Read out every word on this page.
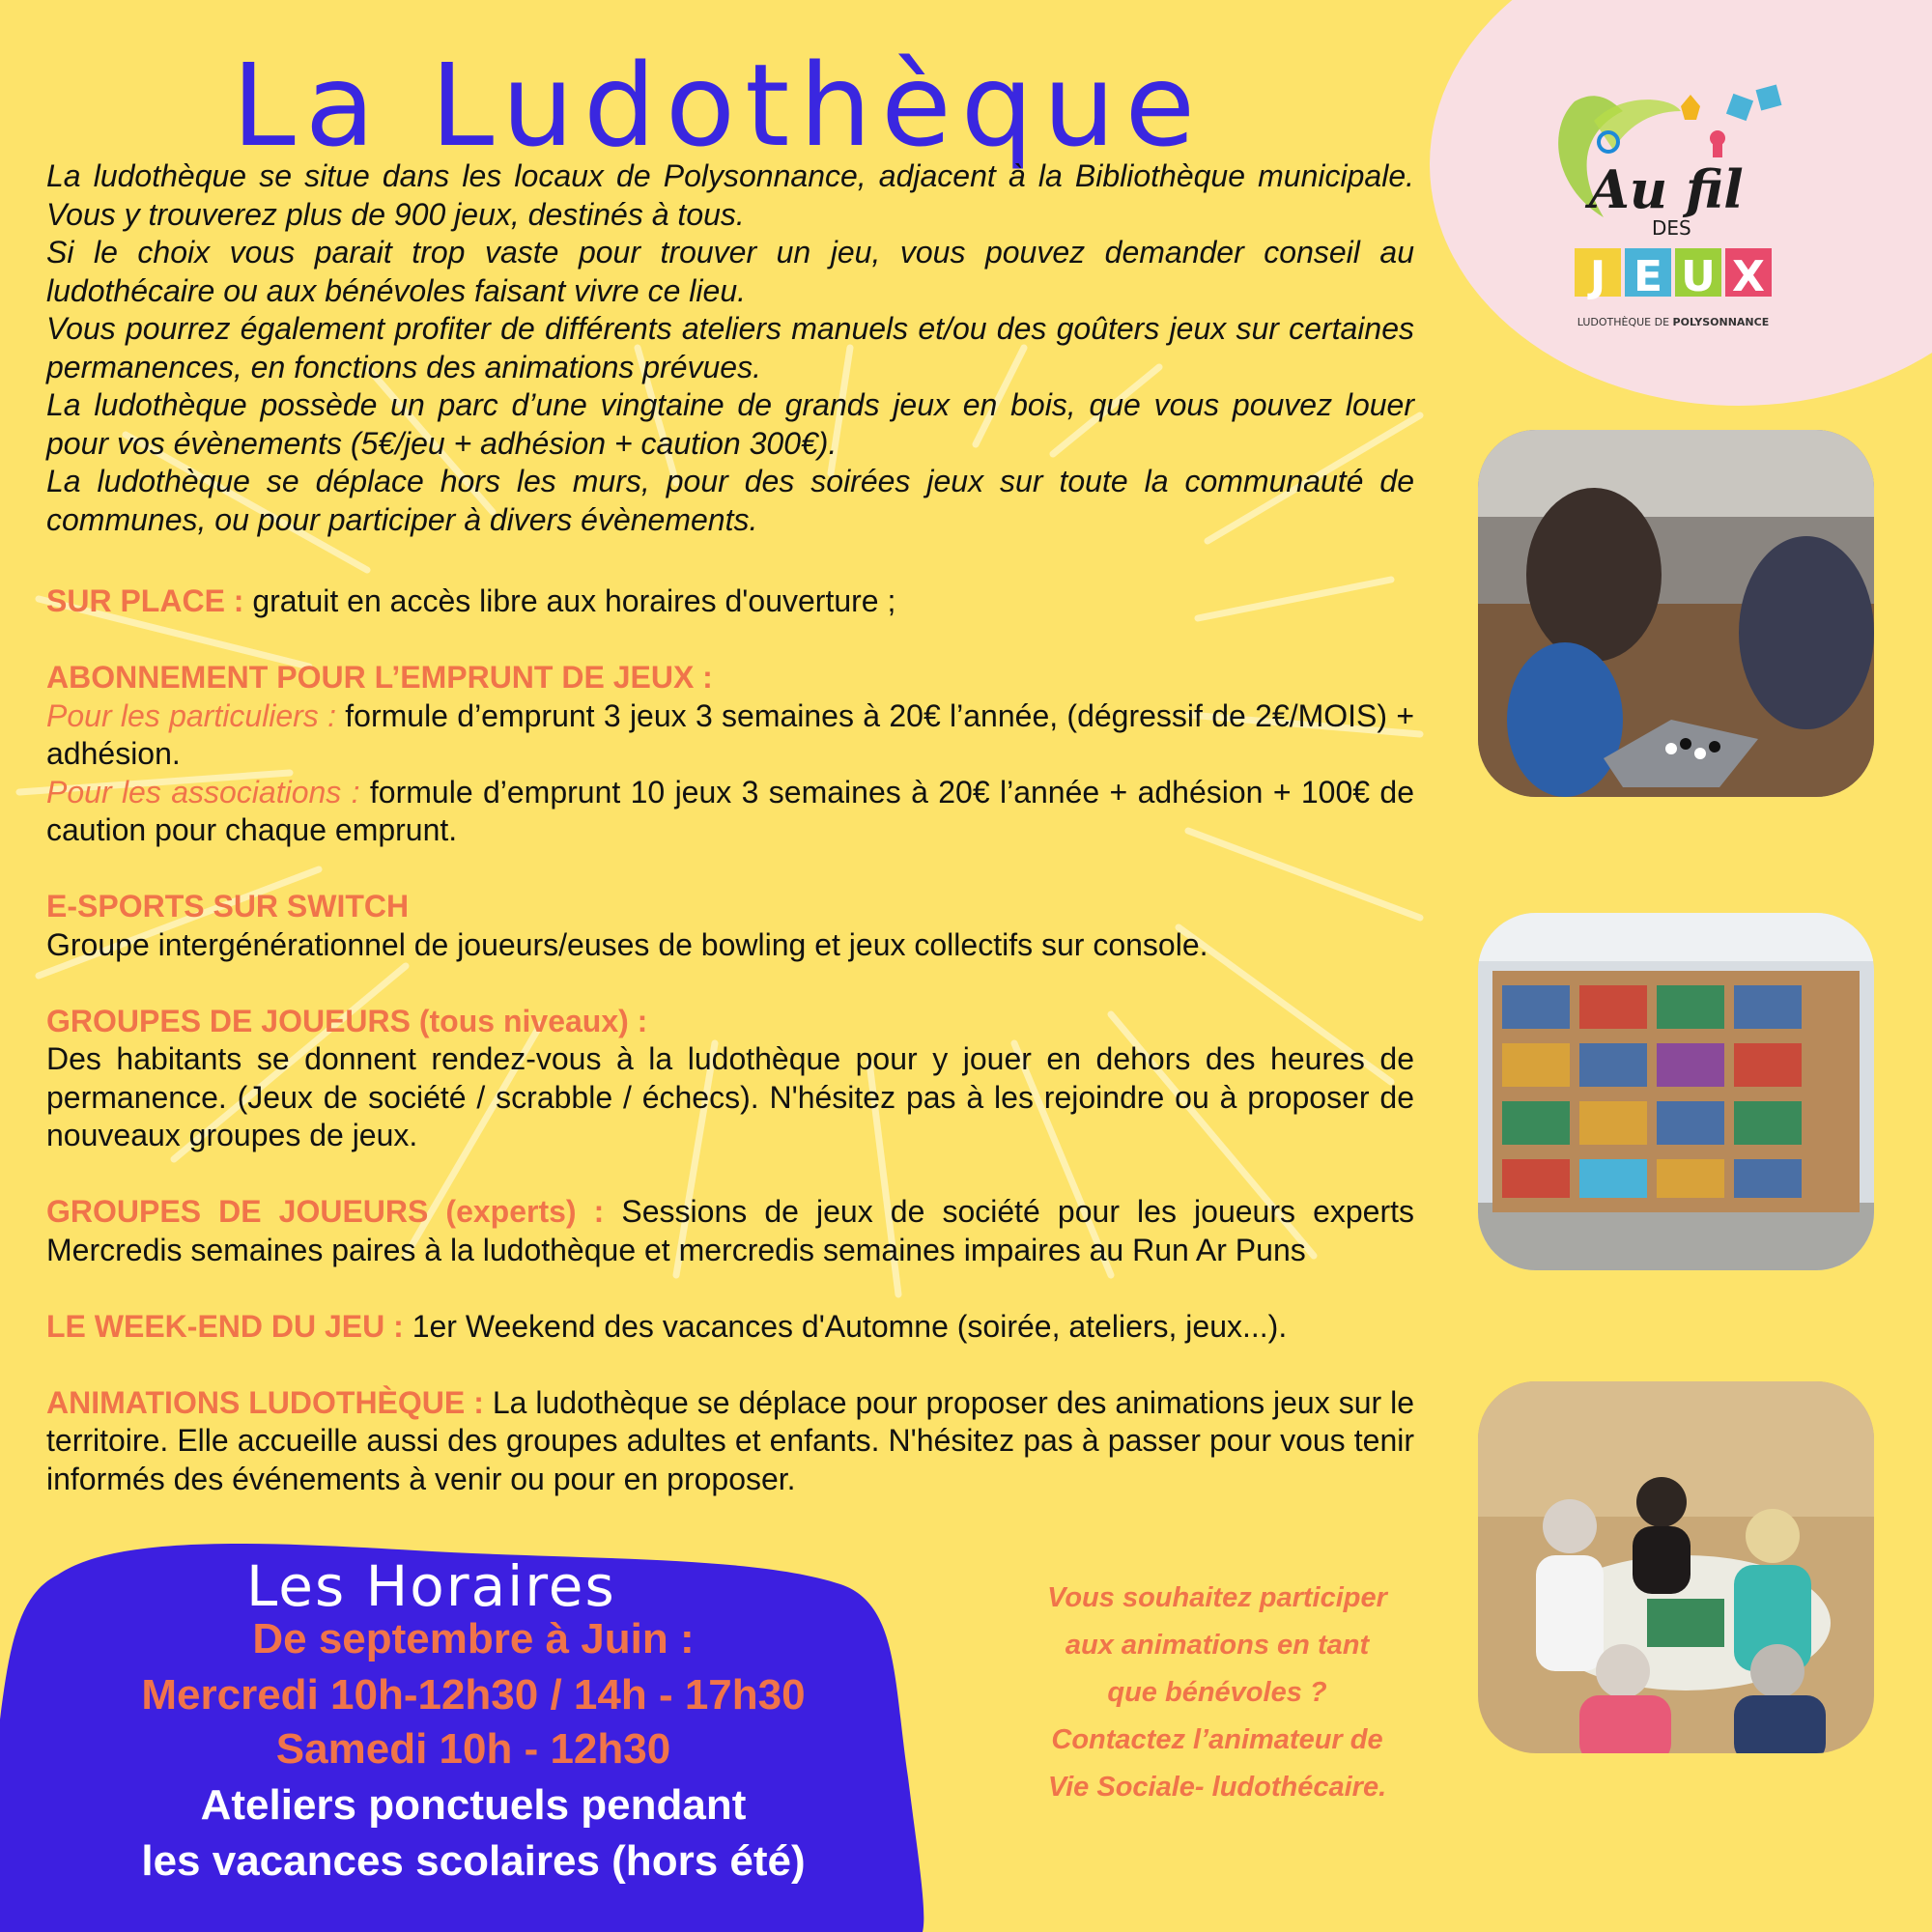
Au fil
DES
J E U X
LUDOTHÈQUE DE POLYSONNANCE
La Ludothèque

La ludothèque se situe dans les locaux de Polysonnance, adjacent à la Bibliothèque municipale. Vous y trouverez plus de 900 jeux, destinés à tous.

Si le choix vous parait trop vaste pour trouver un jeu, vous pouvez demander conseil au ludothécaire ou aux bénévoles faisant vivre ce lieu.

Vous pourrez également profiter de différents ateliers manuels et/ou des goûters jeux sur certaines permanences, en fonctions des animations prévues.

La ludothèque possède un parc d’une vingtaine de grands jeux en bois, que vous pouvez louer pour vos évènements (5€/jeu + adhésion + caution 300€).

La ludothèque se déplace hors les murs, pour des soirées jeux sur toute la communauté de communes, ou pour participer à divers évènements.

SUR PLACE : gratuit en accès libre aux horaires d'ouverture ;

ABONNEMENT POUR L’EMPRUNT DE JEUX :

Pour les particuliers : formule d’emprunt 3 jeux 3 semaines à 20€ l’année, (dégressif de 2€/MOIS) + adhésion.

Pour les associations : formule d’emprunt 10 jeux 3 semaines à 20€ l’année + adhésion + 100€ de caution pour chaque emprunt.

E-SPORTS SUR SWITCH

Groupe intergénérationnel de joueurs/euses de bowling et jeux collectifs sur console.

GROUPES DE JOUEURS (tous niveaux) :

Des habitants se donnent rendez-vous à la ludothèque pour y jouer en dehors des heures de permanence. (Jeux de société / scrabble / échecs). N'hésitez pas à les rejoindre ou à proposer de nouveaux groupes de jeux.

GROUPES DE JOUEURS (experts) : Sessions de jeux de société pour les joueurs experts Mercredis semaines paires à la ludothèque et mercredis semaines impaires au Run Ar Puns
LE WEEK-END DU JEU : 1er Weekend des vacances d'Automne (soirée, ateliers, jeux...).
ANIMATIONS LUDOTHÈQUE : La ludothèque se déplace pour proposer des animations jeux sur le territoire. Elle accueille aussi des groupes adultes et enfants. N'hésitez pas à passer pour vous tenir informés des événements à venir ou pour en proposer.
Les Horaires
De septembre à Juin :
Mercredi 10h-12h30 / 14h - 17h30
Samedi 10h - 12h30
Ateliers ponctuels pendant
les vacances scolaires (hors été)
Vous souhaitez participer
aux animations en tant
que bénévoles ?
Contactez l’animateur de
Vie Sociale- ludothécaire.
